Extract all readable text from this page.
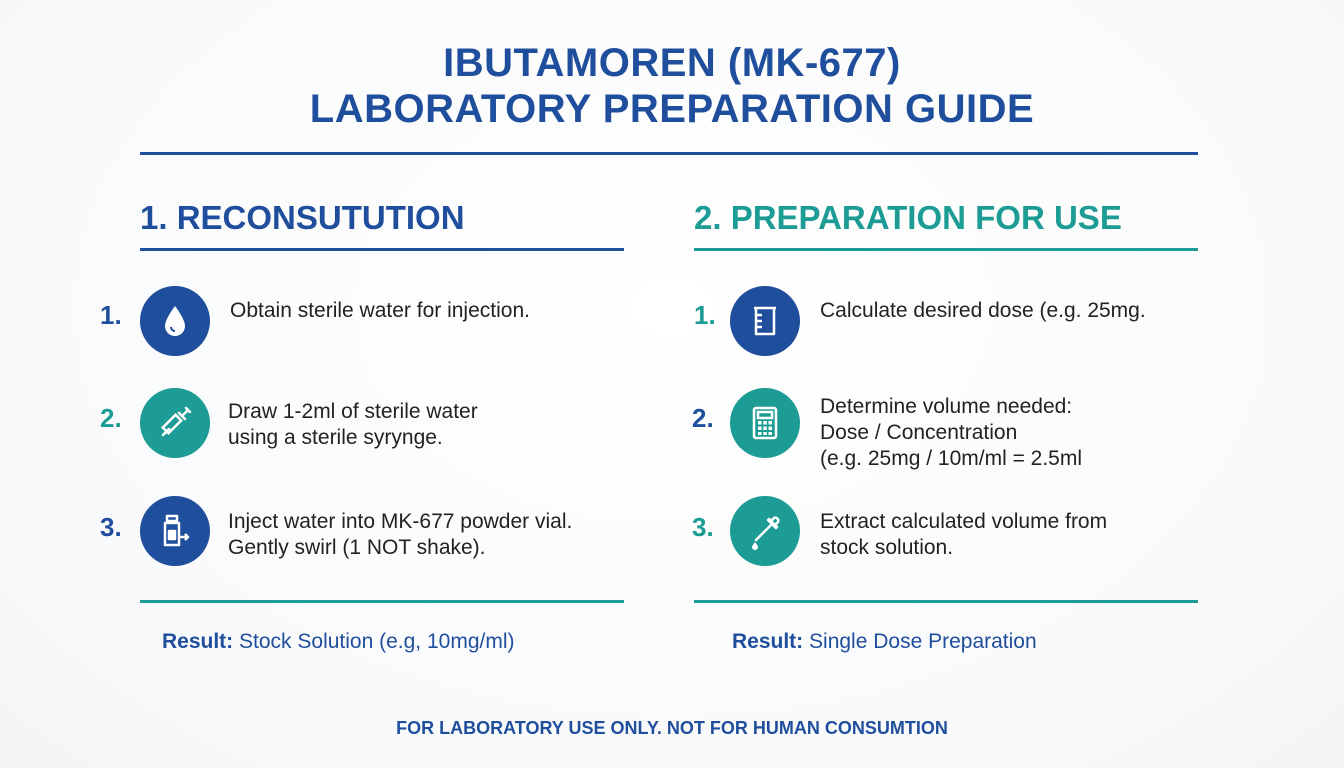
IBUTAMOREN (MK-677)
LABORATORY PREPARATION GUIDE
1. RECONSUTUTION
1.	Obtain sterile water for injection.
2.	Draw 1-2ml of sterile water
using a sterile syrynge.
3.	Inject water into MK-677 powder vial.
Gently swirl (1 NOT shake).
Result: Stock Solution (e.g, 10mg/ml)
2. PREPARATION FOR USE
1.	Calculate desired dose (e.g. 25mg.
2.	Determine volume needed:
Dose / Concentration
(e.g. 25mg / 10m/ml = 2.5ml
3.	Extract calculated volume from
stock solution.
Result: Single Dose Preparation
FOR LABORATORY USE ONLY. NOT FOR HUMAN CONSUMTION
